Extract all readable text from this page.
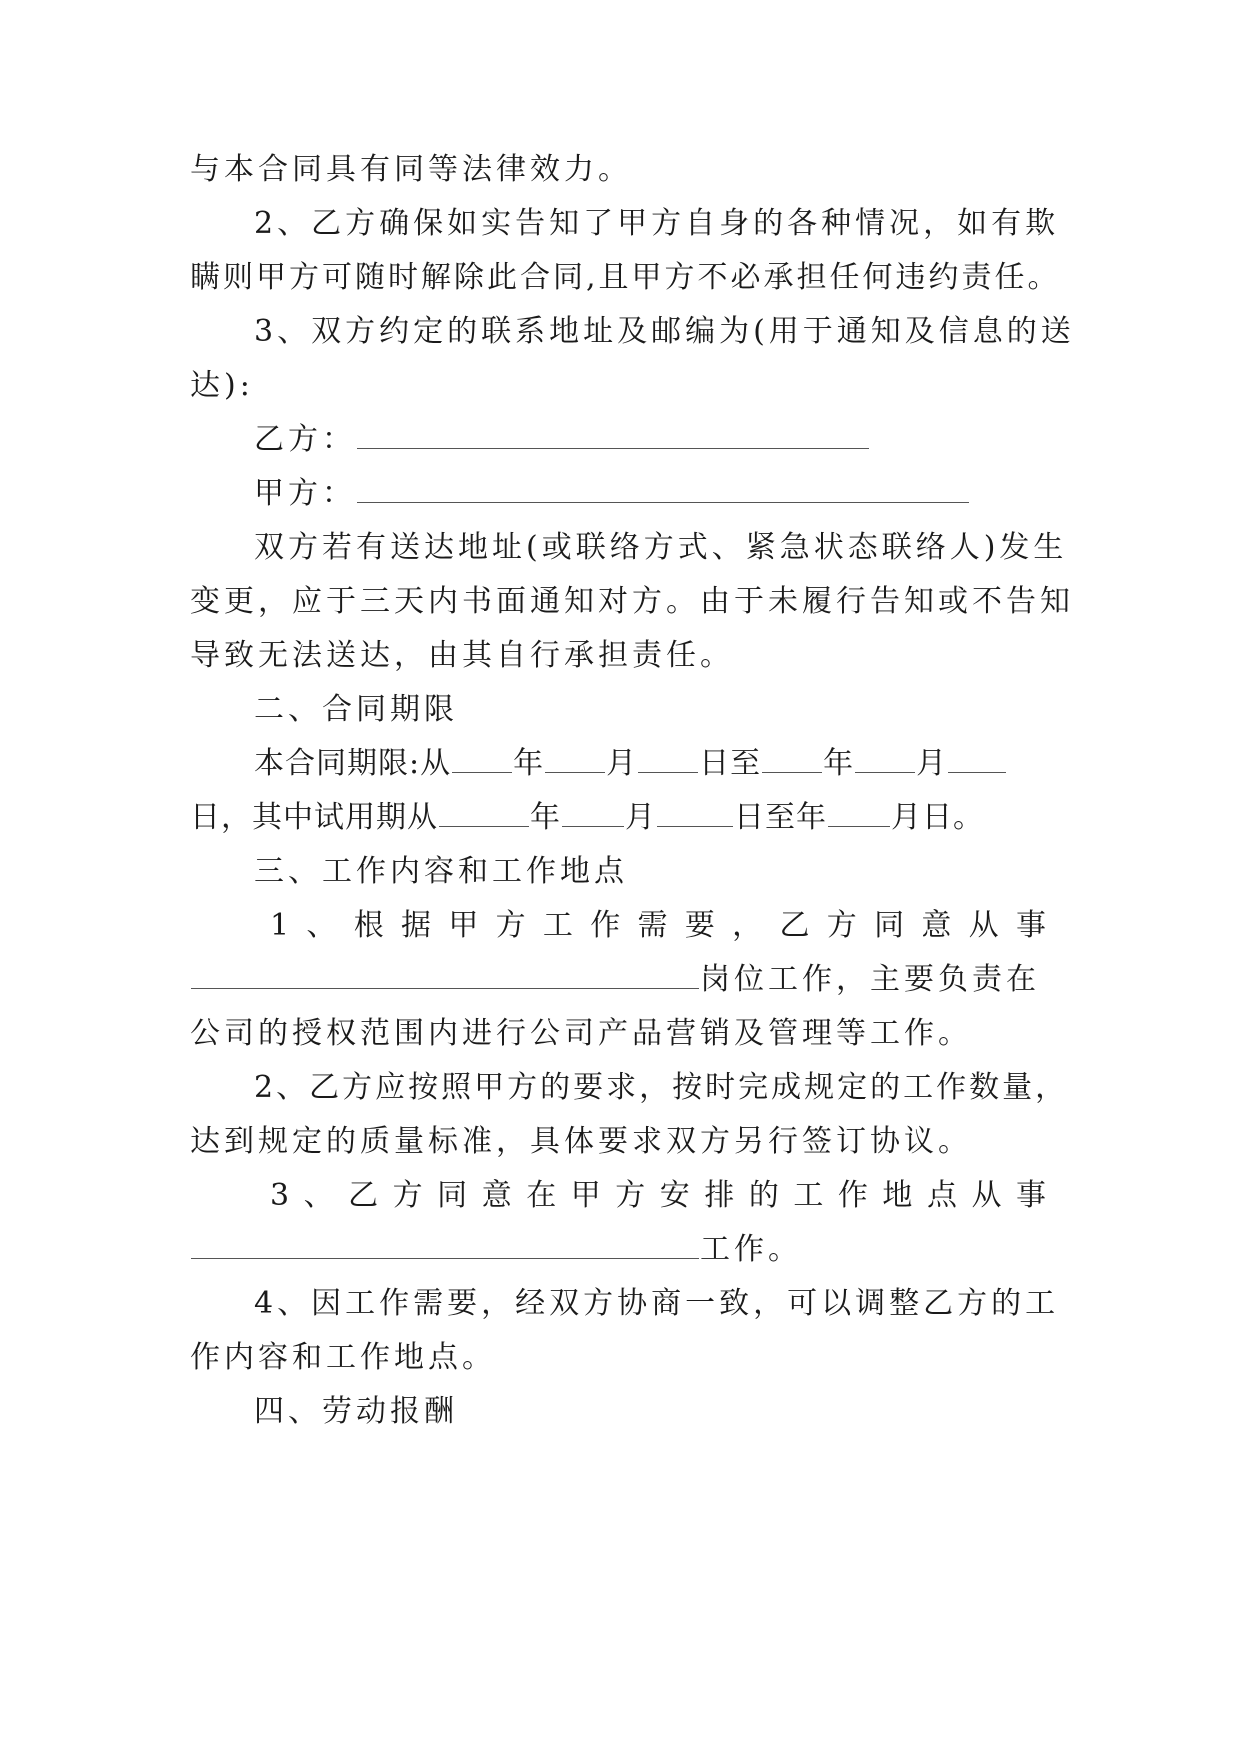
与本合同具有同等法律效力。
2、乙方确保如实告知了甲方自身的各种情况，如有欺
瞒则甲方可随时解除此合同,且甲方不必承担任何违约责任。
3、双方约定的联系地址及邮编为(用于通知及信息的送
达):
乙方：
甲方：
双方若有送达地址(或联络方式、紧急状态联络人)发生
变更，应于三天内书面通知对方。由于未履行告知或不告知
导致无法送达，由其自行承担责任。
二、合同期限
本合同期限:从 年 月 日至 年 月
日，其中试用期从	年 月	日至年 月日。
三、工作内容和工作地点
1、根据甲方工作需要，乙方同意从事
岗位工作，主要负责在
公司的授权范围内进行公司产品营销及管理等工作。
2、乙方应按照甲方的要求，按时完成规定的工作数量，
达到规定的质量标准，具体要求双方另行签订协议。
3、乙方同意在甲方安排的工作地点从事
工作。
4、因工作需要，经双方协商一致，可以调整乙方的工
作内容和工作地点。
四、劳动报酬
